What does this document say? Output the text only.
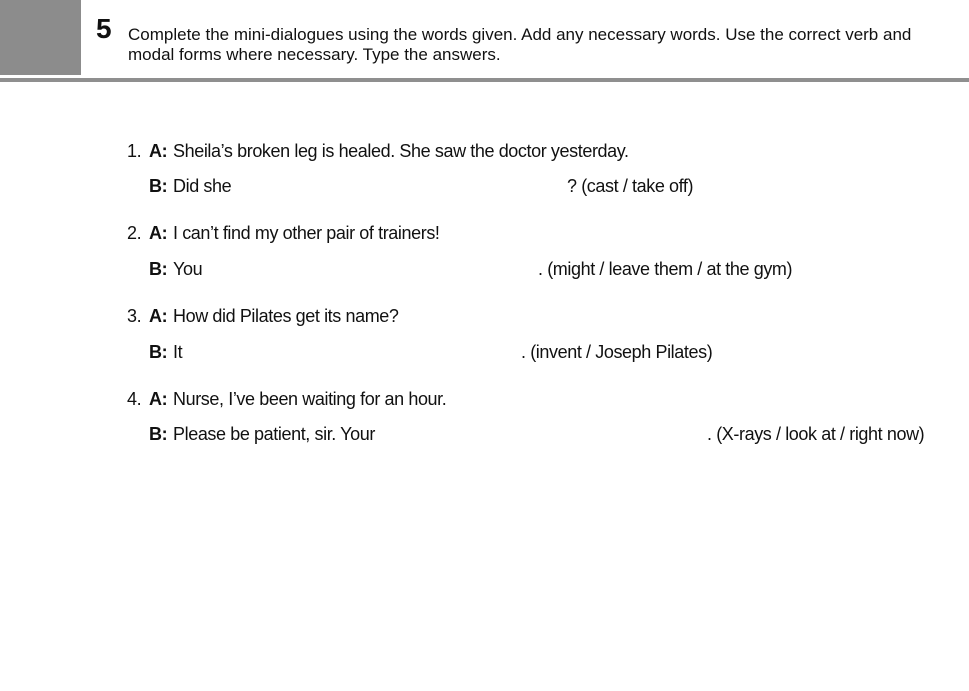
5 Complete the mini-dialogues using the words given. Add any necessary words. Use the correct verb and modal forms where necessary. Type the answers.
1. A: Sheila’s broken leg is healed. She saw the doctor yesterday.
B: Did she	? (cast / take off)
2. A: I can’t find my other pair of trainers!
B: You	. (might / leave them / at the gym)
3. A: How did Pilates get its name?
B: It	. (invent / Joseph Pilates)
4. A: Nurse, I’ve been waiting for an hour.
B: Please be patient, sir. Your	. (X-rays / look at / right now)
